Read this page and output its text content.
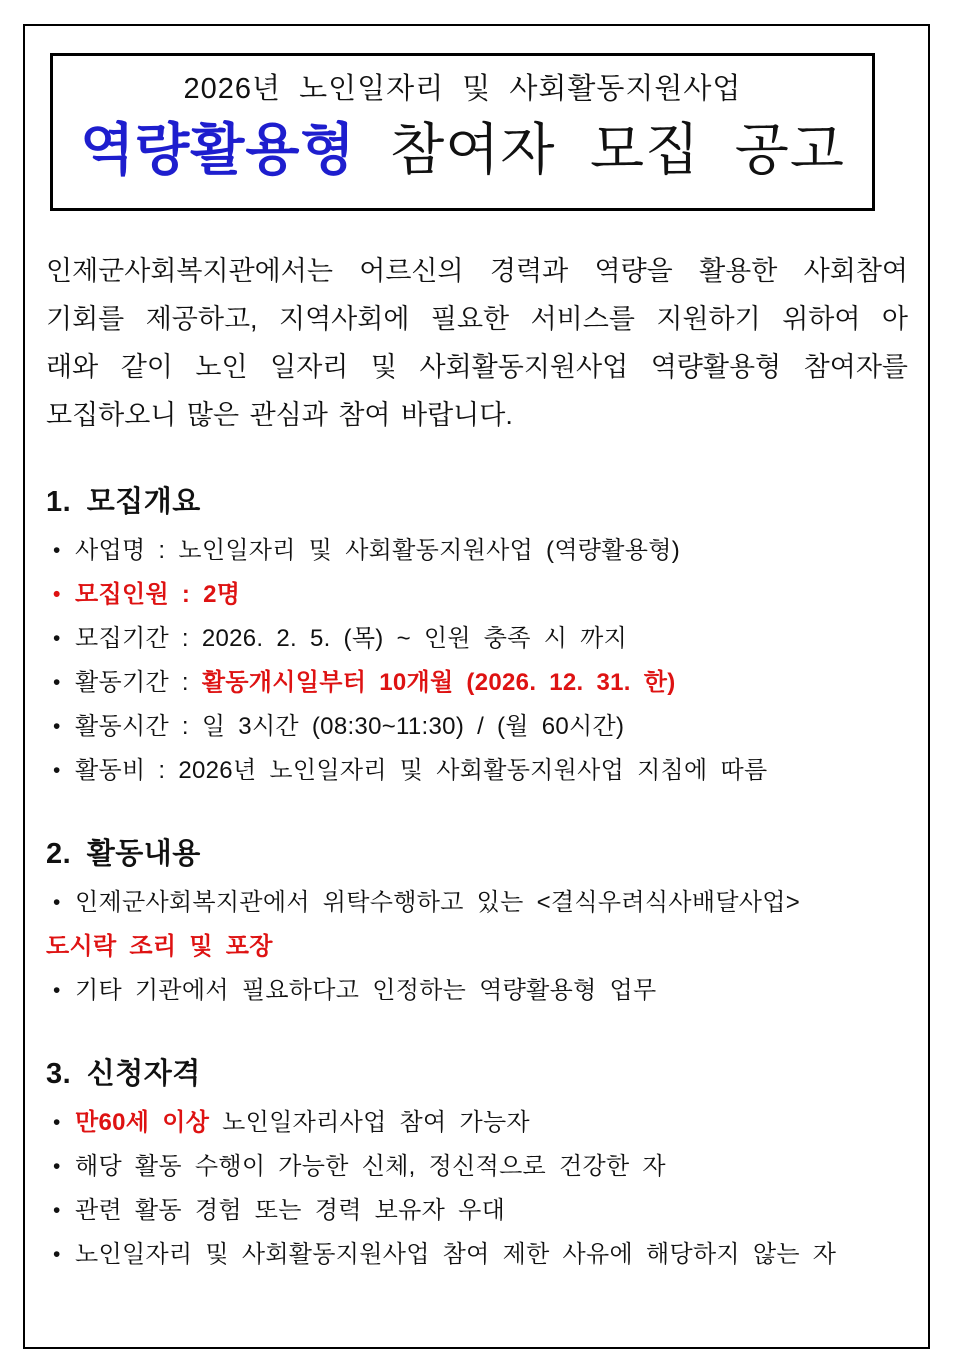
2026년 노인일자리 및 사회활동지원사업
역량활용형 참여자 모집 공고
인제군사회복지관에서는 어르신의 경력과 역량을 활용한 사회참여
기회를 제공하고, 지역사회에 필요한 서비스를 지원하기 위하여 아
래와 같이 노인 일자리 및 사회활동지원사업 역량활용형 참여자를
모집하오니 많은 관심과 참여 바랍니다.
1. 모집개요
• 사업명 : 노인일자리 및 사회활동지원사업 (역량활용형)
• 모집인원 : 2명
• 모집기간 : 2026. 2. 5. (목) ~ 인원 충족 시 까지
• 활동기간 : 활동개시일부터 10개월 (2026. 12. 31. 한)
• 활동시간 : 일 3시간 (08:30~11:30) / (월 60시간)
• 활동비 : 2026년 노인일자리 및 사회활동지원사업 지침에 따름
2. 활동내용
• 인제군사회복지관에서 위탁수행하고 있는 <결식우려식사배달사업>
도시락 조리 및 포장
• 기타 기관에서 필요하다고 인정하는 역량활용형 업무
3. 신청자격
• 만60세 이상 노인일자리사업 참여 가능자
• 해당 활동 수행이 가능한 신체, 정신적으로 건강한 자
• 관련 활동 경험 또는 경력 보유자 우대
• 노인일자리 및 사회활동지원사업 참여 제한 사유에 해당하지 않는 자
